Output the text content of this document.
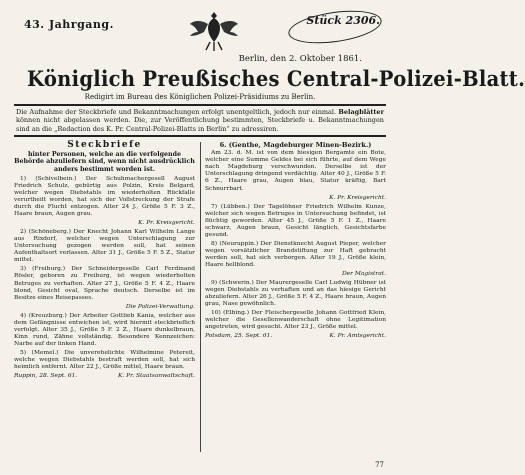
43. Jahrgang.	Stück 2306.
Berlin, den 2. Oktober 1861.
Königlich Preußisches Central-Polizei-Blatt.
Redigirt im Bureau des Königlichen Polizei-Präsidiums zu Berlin.
Die Aufnahme der Steckbriefe und Bekanntmachungen erfolgt unentgeltlich, jedoch nur einmal. Belagblätter können nicht abgelassen werden. Die, zur Veröffentlichung bestimmten, Steckbriefe u. Bekanntmachungen sind an die „Redaction des K. Pr. Central-Polizei-Blatts in Berlin“ zu adressiren.
Steckbriefe
hinter Personen, welche an die verfolgende Behörde abzuliefern sind, wenn nicht ausdrücklich anders bestimmt worden ist.

1) (Schivelbein.) Der Schuhmachergesell August Friedrich Schulz, gebürtig aus Polzin, Kreis Belgard, welcher wegen Diebstahls im wiederholten Rückfalle verurtheilt worden, hat sich der Vollstreckung der Strafe durch die Flucht entzogen. Alter 24 J., Größe 5 F. 3 Z., Haare braun, Augen grau.

K. Pr. Kreisgericht.

2) (Schöneberg.) Der Knecht Johann Karl Wilhelm Lange aus Rixdorf, welcher wegen Unterschlagung zur Untersuchung gezogen werden soll, hat seinen Aufenthaltsort verlassen. Alter 31 J., Größe 5 F. 5 Z., Statur mittel.

3) (Freiburg.) Der Schneidergeselle Carl Ferdinand Rösler, geboren zu Freiburg, ist wegen wiederholten Betruges zu verhaften. Alter 27 J., Größe 5 F. 4 Z., Haare blond, Gesicht oval, Sprache deutsch. Derselbe ist im Besitze eines Reisepasses.

Die Polizei-Verwaltung.

4) (Kreuzburg.) Der Arbeiter Gottlieb Kania, welcher aus dem Gefängnisse entwichen ist, wird hiermit steckbrieflich verfolgt. Alter 35 J., Größe 5 F. 2 Z., Haare dunkelbraun, Kinn rund, Zähne vollständig. Besondere Kennzeichen: Narbe auf der linken Hand.

5) (Memel.) Die unverehelichte Wilhelmine Petereit, welche wegen Diebstahls bestraft werden soll, hat sich heimlich entfernt. Alter 22 J., Größe mittel, Haare braun.

Ruppin, 28. Sept. 61.	K. Pr. Staatsanwaltschaft.
6. (Genthe, Magdeburger Minen-Bezirk.)

Am 23. d. M. ist von dem hiesigen Bergamte ein Bote, welcher eine Summe Geldes bei sich führte, auf dem Wege nach Magdeburg verschwunden. Derselbe ist der Unterschlagung dringend verdächtig. Alter 40 J., Größe 5 F. 6 Z., Haare grau, Augen blau, Statur kräftig, Bart Schnurrbart.

K. Pr. Kreisgericht.

7) (Lübben.) Der Tagelöhner Friedrich Wilhelm Kunze, welcher sich wegen Betruges in Untersuchung befindet, ist flüchtig geworden. Alter 45 J., Größe 5 F. 1 Z., Haare schwarz, Augen braun, Gesicht länglich, Gesichtsfarbe gesund.

8) (Neuruppin.) Der Dienstknecht August Pieper, welcher wegen vorsätzlicher Brandstiftung zur Haft gebracht werden soll, hat sich verborgen. Alter 19 J., Größe klein, Haare hellblond.

Der Magistrat.

9) (Schwerin.) Der Maurergeselle Carl Ludwig Hübner ist wegen Diebstahls zu verhaften und an das hiesige Gericht abzuliefern. Alter 26 J., Größe 5 F. 4 Z., Haare braun, Augen grau, Nase gewöhnlich.

10) (Elbing.) Der Fleischergeselle Johann Gottfried Klein, welcher die Gesellenwanderschaft ohne Legitimation angetreten, wird gesucht. Alter 23 J., Größe mittel.

Potsdam, 25. Sept. 61.	K. Pr. Amtsgericht.
77
